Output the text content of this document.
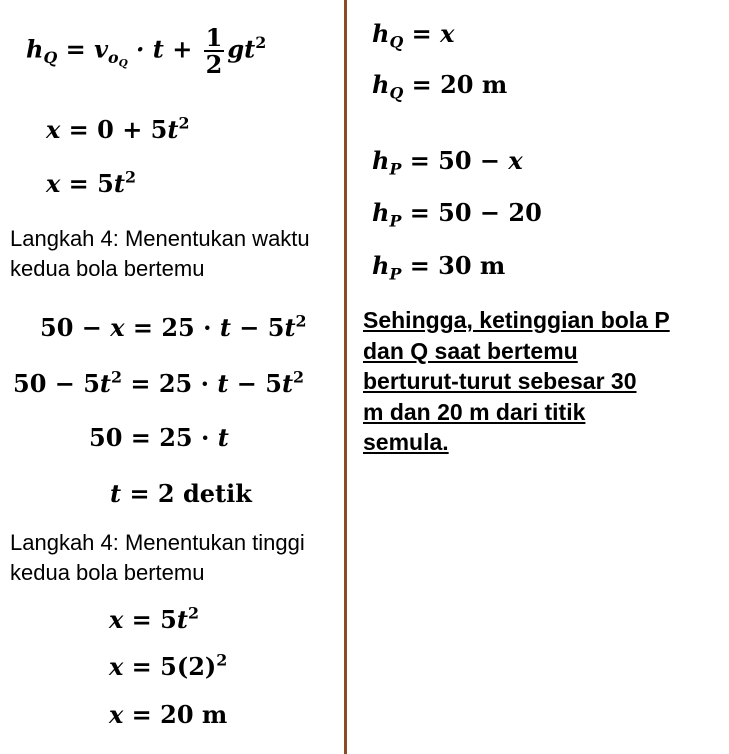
$h_Q = v_{o_Q} \cdot t + \frac{1}{2} gt^2$
$x = 0 + 5t^2$
$x = 5t^2$
Langkah 4: Menentukan waktu
kedua bola bertemu
$50 - x = 25 \cdot t - 5t^2$
$50 - 5t^2 = 25 \cdot t - 5t^2$
50 = 25 · t
t = 2 detik
Langkah 4: Menentukan tinggi
kedua bola bertemu
$x = 5t^2$
$x = 5(2)^2$
x = 20 m
$h_Q = x$
$h_Q = 20$ m
$h_P = 50 - x$
$h_P = 50 - 20$
$h_P = 30$ m
Sehingga, ketinggian bola P
dan Q saat bertemu
berturut-turut sebesar 30
m dan 20 m dari titik
semula.
